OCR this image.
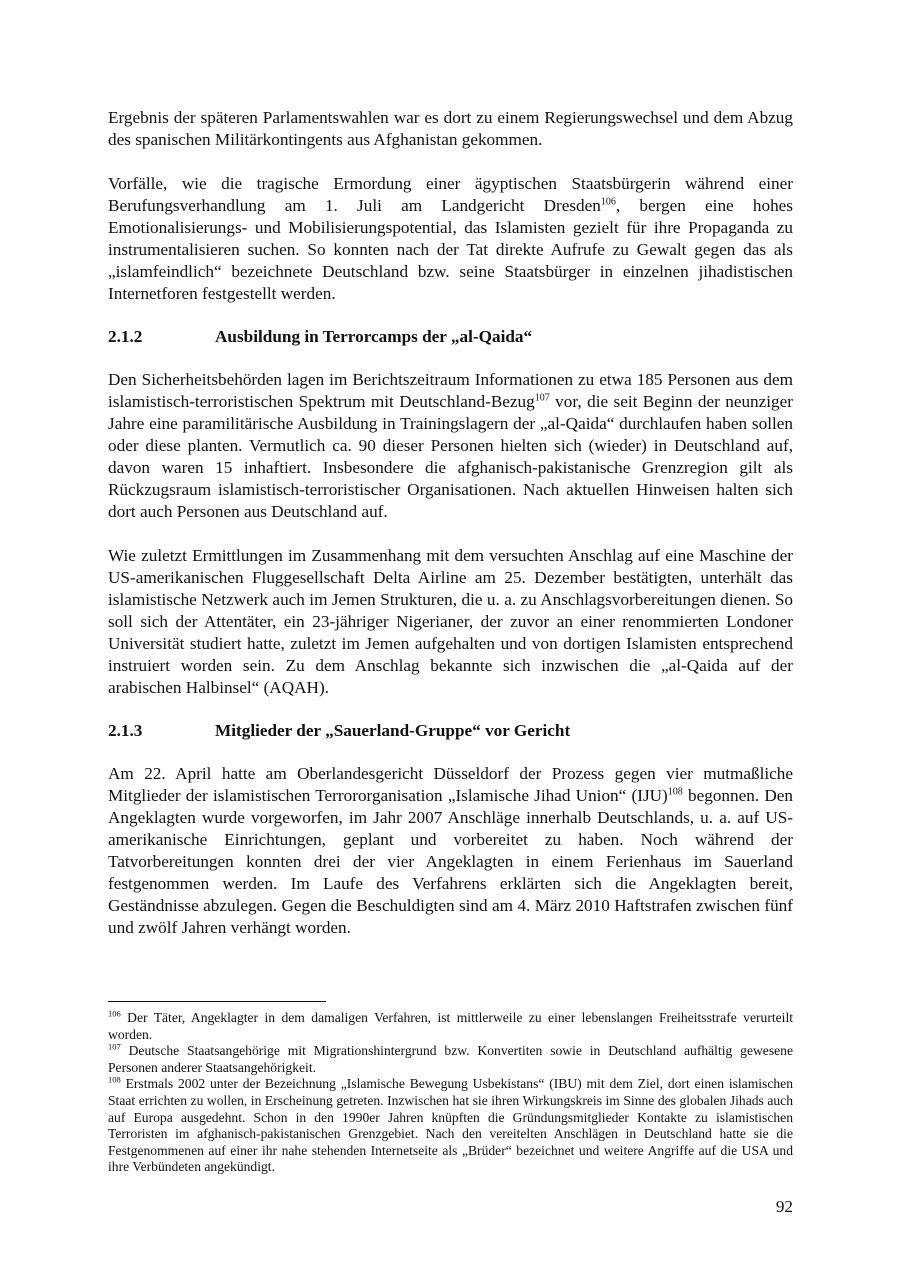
Ergebnis der späteren Parlamentswahlen war es dort zu einem Regierungswechsel und dem Abzug des spanischen Militärkontingents aus Afghanistan gekommen.

Vorfälle, wie die tragische Ermordung einer ägyptischen Staatsbürgerin während einer Berufungsverhandlung am 1. Juli am Landgericht Dresden$^{106}$, bergen eine hohes Emotionalisierungs- und Mobilisierungspotential, das Islamisten gezielt für ihre Propaganda zu instrumentalisieren suchen. So konnten nach der Tat direkte Aufrufe zu Gewalt gegen das als „islamfeindlich“ bezeichnete Deutschland bzw. seine Staatsbürger in einzelnen jihadistischen Internetforen festgestellt werden.

2.1.2	Ausbildung in Terrorcamps der „al-Qaida“

Den Sicherheitsbehörden lagen im Berichtszeitraum Informationen zu etwa 185 Personen aus dem islamistisch-terroristischen Spektrum mit Deutschland-Bezug$^{107}$ vor, die seit Beginn der neunziger Jahre eine paramilitärische Ausbildung in Trainingslagern der „al-Qaida“ durchlaufen haben sollen oder diese planten. Vermutlich ca. 90 dieser Personen hielten sich (wieder) in Deutschland auf, davon waren 15 inhaftiert. Insbesondere die afghanisch-pakistanische Grenzregion gilt als Rückzugsraum islamistisch-terroristischer Organisationen. Nach aktuellen Hinweisen halten sich dort auch Personen aus Deutschland auf.

Wie zuletzt Ermittlungen im Zusammenhang mit dem versuchten Anschlag auf eine Maschine der US-amerikanischen Fluggesellschaft Delta Airline am 25. Dezember bestätigten, unterhält das islamistische Netzwerk auch im Jemen Strukturen, die u. a. zu Anschlagsvorbereitungen dienen. So soll sich der Attentäter, ein 23-jähriger Nigerianer, der zuvor an einer renommierten Londoner Universität studiert hatte, zuletzt im Jemen aufgehalten und von dortigen Islamisten entsprechend instruiert worden sein. Zu dem Anschlag bekannte sich inzwischen die „al-Qaida auf der arabischen Halbinsel“ (AQAH).

2.1.3	Mitglieder der „Sauerland-Gruppe“ vor Gericht

Am 22. April hatte am Oberlandesgericht Düsseldorf der Prozess gegen vier mutmaßliche Mitglieder der islamistischen Terrororganisation „Islamische Jihad Union“ (IJU)$^{108}$ begonnen. Den Angeklagten wurde vorgeworfen, im Jahr 2007 Anschläge innerhalb Deutschlands, u. a. auf US-amerikanische Einrichtungen, geplant und vorbereitet zu haben. Noch während der Tatvorbereitungen konnten drei der vier Angeklagten in einem Ferienhaus im Sauerland festgenommen werden. Im Laufe des Verfahrens erklärten sich die Angeklagten bereit, Geständnisse abzulegen. Gegen die Beschuldigten sind am 4. März 2010 Haftstrafen zwischen fünf und zwölf Jahren verhängt worden.

$^{106}$ Der Täter, Angeklagter in dem damaligen Verfahren, ist mittlerweile zu einer lebenslangen Freiheitsstrafe verurteilt worden.

$^{107}$ Deutsche Staatsangehörige mit Migrationshintergrund bzw. Konvertiten sowie in Deutschland aufhältig gewesene Personen anderer Staatsangehörigkeit.

$^{108}$ Erstmals 2002 unter der Bezeichnung „Islamische Bewegung Usbekistans“ (IBU) mit dem Ziel, dort einen islamischen Staat errichten zu wollen, in Erscheinung getreten. Inzwischen hat sie ihren Wirkungskreis im Sinne des globalen Jihads auch auf Europa ausgedehnt. Schon in den 1990er Jahren knüpften die Gründungsmitglieder Kontakte zu islamistischen Terroristen im afghanisch-pakistanischen Grenzgebiet. Nach den vereitelten Anschlägen in Deutschland hatte sie die Festgenommenen auf einer ihr nahe stehenden Internetseite als „Brüder“ bezeichnet und weitere Angriffe auf die USA und ihre Verbündeten angekündigt.

92
